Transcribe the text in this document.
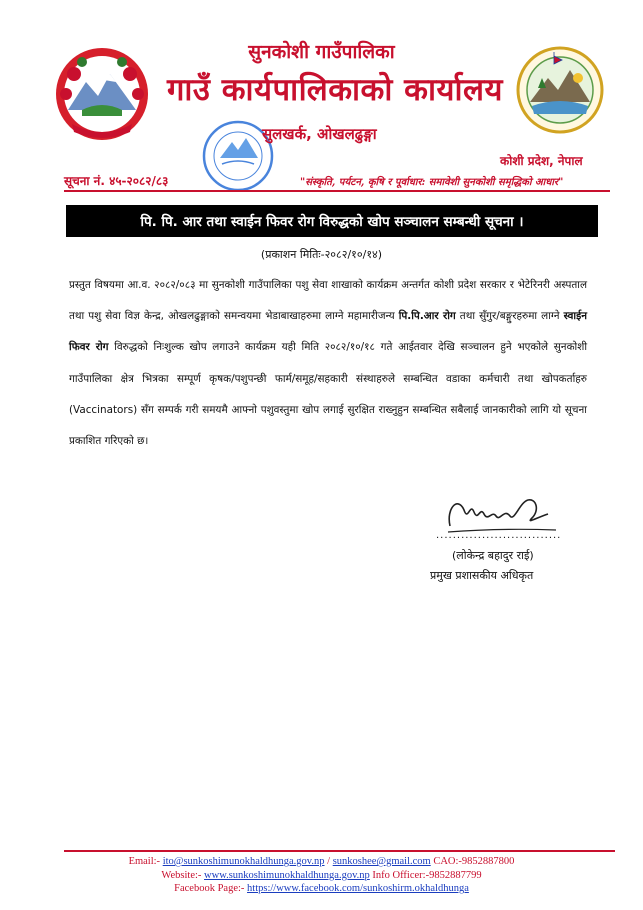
सुनकोशी गाउँपालिका
गाउँ कार्यपालिकाको कार्यालय
सुलखर्क, ओखलढुङ्गा
कोशी प्रदेश, नेपाल
सूचना नं. ४५-२०८२/८३	"संस्कृति, पर्यटन, कृषि र पूर्वाधार: समावेशी सुनकोशी समृद्धिको आधार"
पि. पि. आर तथा स्वाईन फिवर रोग विरुद्धको खोप सञ्चालन सम्बन्धी सूचना ।
(प्रकाशन मितिः-२०८२/१०/१४)
प्रस्तुत विषयमा आ.व. २०८२/०८३ मा सुनकोशी गाउँपालिका पशु सेवा शाखाको कार्यक्रम अन्तर्गत कोशी प्रदेश सरकार र भेटेरिनरी अस्पताल तथा पशु सेवा विज्ञ केन्द्र, ओखलढुङ्गाको समन्वयमा भेडाबाखाहरुमा लाग्ने महामारीजन्य पि.पि.आर रोग तथा सुँगुर/बङ्गुरहरुमा लाग्ने स्वाईन फिवर रोग विरुद्धको निःशुल्क खोप लगाउने कार्यक्रम यही मिति २०८२/१०/१८ गते आईतवार देखि सञ्चालन हुने भएकोले सुनकोशी गाउँपालिका क्षेत्र भित्रका सम्पूर्ण कृषक/पशुपन्छी फार्म/समूह/सहकारी संस्थाहरुले सम्बन्धित वडाका कर्मचारी तथा खोपकर्ताहरु (Vaccinators) सँग सम्पर्क गरी समयमै आफ्नो पशुवस्तुमा खोप लगाई सुरक्षित राख्नुहुन सम्बन्धित सबैलाई जानकारीको लागि यो सूचना प्रकाशित गरिएको छ।
..............................
(लोकेन्द्र बहादुर राई)
प्रमुख प्रशासकीय अधिकृत
Email:- ito@sunkoshimunokhaldhunga.gov.np / sunkoshee@gmail.com CAO:-9852887800
Website:- www.sunkoshimunokhaldhunga.gov.np Info Officer:-9852887799
Facebook Page:- https://www.facebook.com/sunkoshirm.okhaldhunga
